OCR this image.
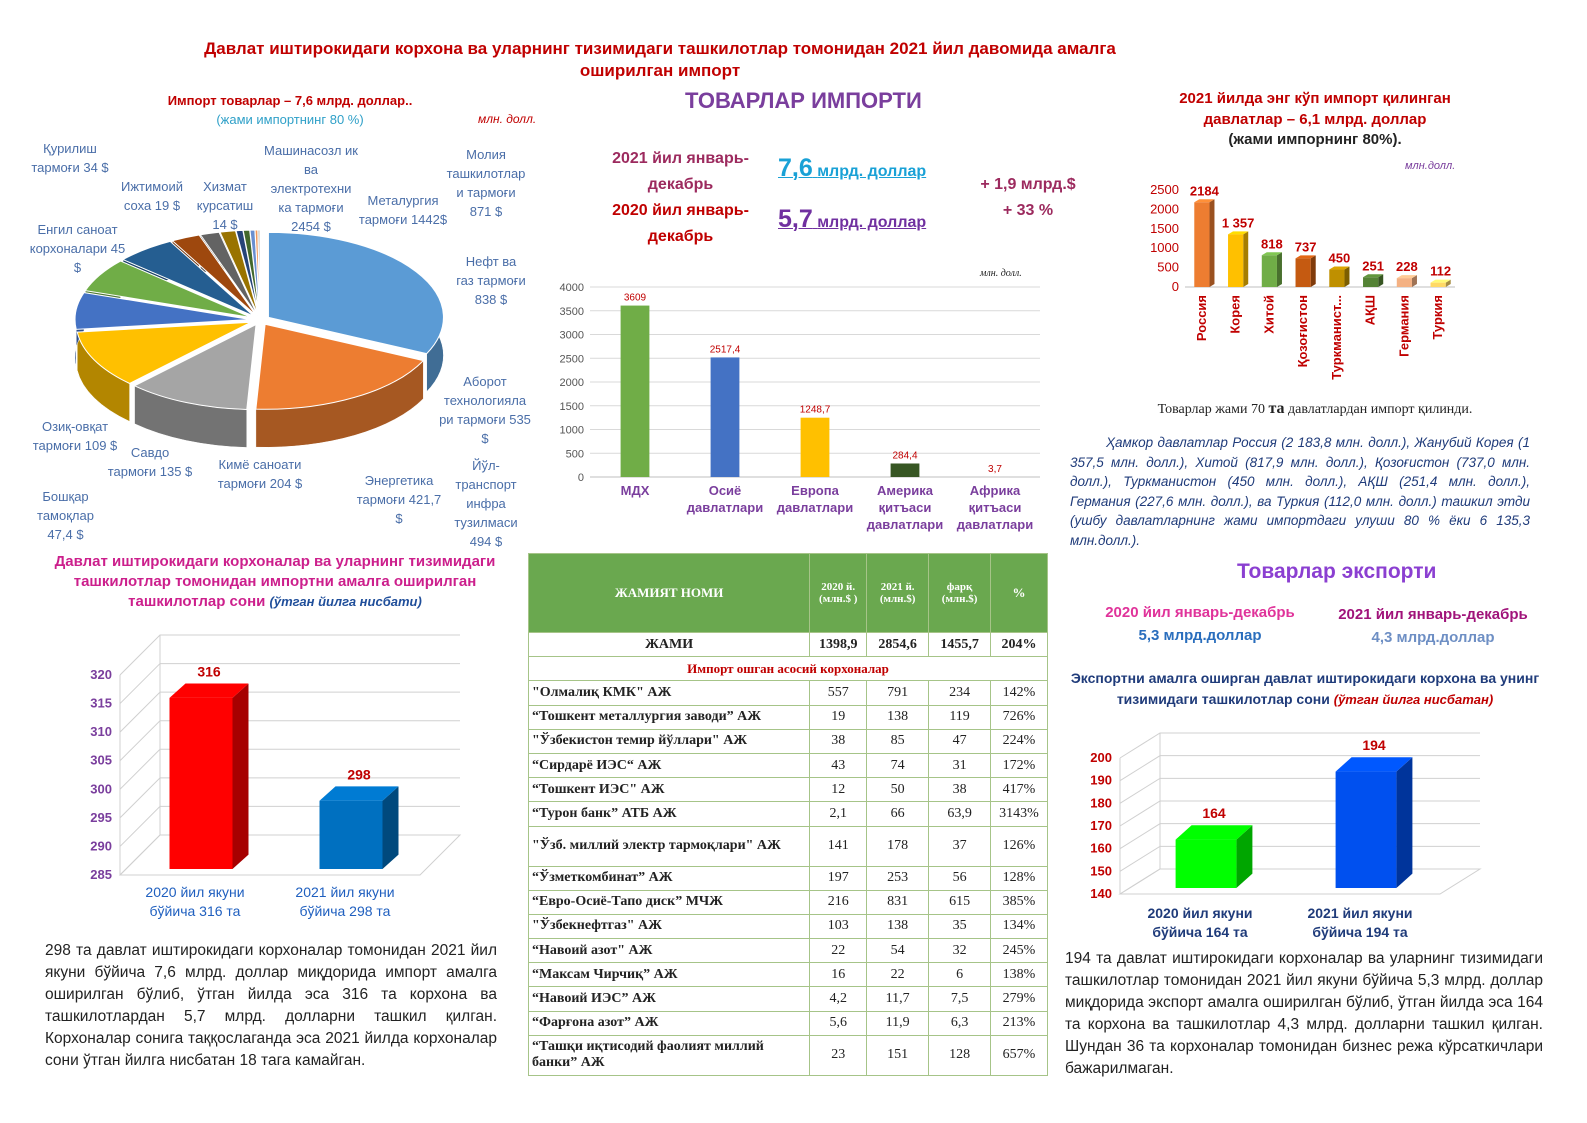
Давлат иштирокидаги корхона ва уларнинг тизимидаги ташкилотлар томонидан 2021 йил давомида амалга оширилган импорт
Импорт товарлар – 7,6 млрд. доллар..
(жами импортнинг 80 %)	млн. долл.
Машинасозл ик ва электротехни ка тармоғи 2454 $
Металургия тармоғи 1442$
Молия ташкилотлар и тармоғи 871 $
Нефт ва газ тармоғи 838 $
Аборот технологияла ри тармоғи 535 $
Йўл-транспорт инфра тузилмаси 494 $
Энергетика тармоғи 421,7 $
Кимё саноати тармоғи 204 $
Савдо тармоғи 135 $
Озиқ-овқат тармоғи 109 $
Бошқар тамоқлар 47,4 $
Енгил саноат корхоналари 45 $
Қурилиш тармоғи 34 $
Ижтимоий соха 19 $
Хизмат курсатиш 14 $
ТОВАРЛАР ИМПОРТИ
2021 йил январь-декабрь
2020 йил январь-декабрь
7,6 млрд. доллар
5,7 млрд. доллар
+ 1,9 млрд.$
+ 33 %
млн. долл.
0
500
1000
1500
2000
2500
3000
3500
4000
3609
МДХ
2517,4
Осиё
давлатлари
1248,7
Европа
давлатлари
284,4
Америка
қитъаси
давлатлари
3,7
Африка
қитъаси
давлатлари
2021 йилда энг кўп импорт қилинган давлатлар – 6,1 млрд. доллар
(жами импорнинг 80%).
млн.долл.
0
500
1000
1500
2000
2500 2184
Россия
1 357
Корея
818
Хитой
737
Қозоғистон
450
Туркманист...
251
АҚШ
228
Германия
112
Туркия
Товарлар жами 70 та давлатлардан импорт қилинди.
Ҳамкор давлатлар Россия (2 183,8 млн. долл.), Жанубий Корея (1 357,5 млн. долл.), Хитой (817,9 млн. долл.), Қозоғистон (737,0 млн. долл.), Туркманистон (450 млн. долл.), АҚШ (251,4 млн. долл.), Германия (227,6 млн. долл.), ва Туркия (112,0 млн. долл.) ташкил этди (ушбу давлатларнинг жами импортдаги улуши 80 % ёки 6 135,3 млн.долл.).
Давлат иштирокидаги корхоналар ва уларнинг тизимидаги ташкилотлар томонидан импортни амалга оширилган ташкилотлар сони (ўтган йилга нисбати)
285
290
295
300
305
310
315
320	316
2020 йил якуни
бўйича 316 та
298
2021 йил якуни
бўйича 298 та
298 та давлат иштирокидаги корхоналар томонидан 2021 йил якуни бўйича 7,6 млрд. доллар миқдорида импорт амалга оширилган бўлиб, ўтган йилда эса 316 та корхона ва ташкилотлардан 5,7 млрд. долларни ташкил қилган. Корхоналар сонига таққослаганда эса 2021 йилда корхоналар сони ўтган йилга нисбатан 18 тага камайган.
ЖАМИЯТ НОМИ	2020 й. (млн.$ )	2021 й. (млн.$)	фарқ (млн.$)	%
ЖАМИ	1398,9	2854,6	1455,7	204%
Импорт ошган асосий корхоналар				
"Олмалиқ КМК" АЖ	557	791	234	142%
“Тошкент металлургия заводи” АЖ	19	138	119	726%
"Ўзбекистон темир йўллари" АЖ	38	85	47	224%
“Сирдарё ИЭС“ АЖ	43	74	31	172%
“Тошкент ИЭС" АЖ	12	50	38	417%
“Турон банк” АТБ АЖ	2,1	66	63,9	3143%
"Ўзб. миллий электр тармоқлари" АЖ	141	178	37	126%
“Ўзметкомбинат” АЖ	197	253	56	128%
“Евро-Осиё-Тапо диск” МЧЖ	216	831	615	385%
"Ўзбекнефтгаз" АЖ	103	138	35	134%
“Навоий азот" АЖ	22	54	32	245%
“Максам Чирчиқ” АЖ	16	22	6	138%
“Навоий ИЭС” АЖ	4,2	11,7	7,5	279%
“Фарғона азот” АЖ	5,6	11,9	6,3	213%
“Ташқи иқтисодий фаолият миллий банки” АЖ	23	151	128	657%
Товарлар экспорти
2020 йил январь-декабрь
5,3 млрд.доллар
2021 йил январь-декабрь
4,3 млрд.доллар
Экспортни амалга оширган давлат иштирокидаги корхона ва унинг тизимидаги ташкилотлар сони (ўтган йилга нисбатан)
140
150
160
170
180
190
200
164
2020 йил якуни
бўйича 164 та
194
2021 йил якуни
бўйича 194 та
194 та давлат иштирокидаги корхоналар ва уларнинг тизимидаги ташкилотлар томонидан 2021 йил якуни бўйича 5,3 млрд. доллар миқдорида экспорт амалга оширилган бўлиб, ўтган йилда эса 164 та корхона ва ташкилотлар 4,3 млрд. долларни ташкил қилган. Шундан 36 та корхоналар томонидан бизнес режа кўрсаткичлари бажарилмаган.
